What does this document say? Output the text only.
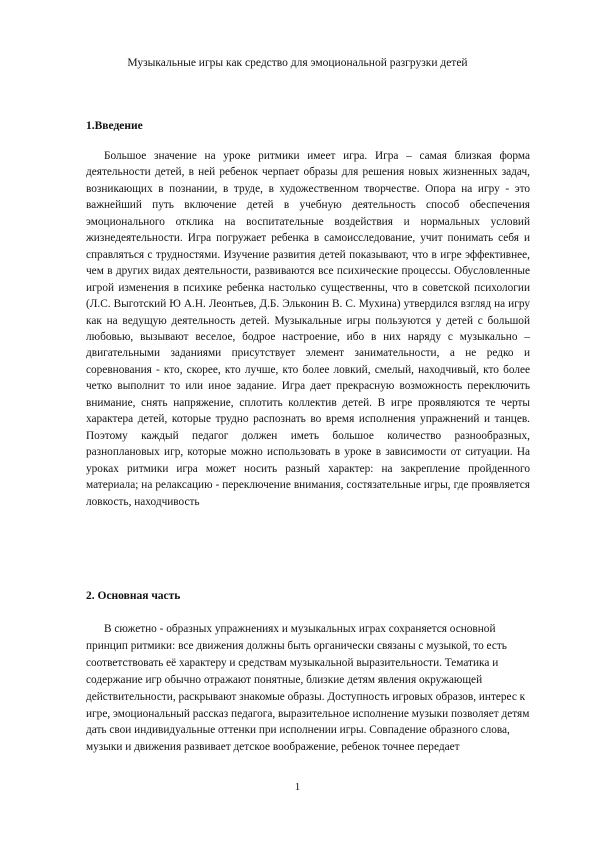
Музыкальные игры как средство для эмоциональной разгрузки детей
1.Введение

Большое значение на уроке ритмики имеет игра. Игра – самая близкая форма деятельности детей, в ней ребенок черпает образы для решения новых жизненных задач, возникающих в познании, в труде, в художественном творчестве. Опора на игру - это важнейший путь включение детей в учебную деятельность способ обеспечения эмоционального отклика на воспитательные воздействия и нормальных условий жизнедеятельности. Игра погружает ребенка в самоисследование, учит понимать себя и справляться с трудностями. Изучение развития детей показывают, что в игре эффективнее, чем в других видах деятельности, развиваются все психические процессы. Обусловленные игрой изменения в психике ребенка настолько существенны, что в советской психологии (Л.С. Выготский Ю А.Н. Леонтьев, Д.Б. Эльконин В. С. Мухина) утвердился взгляд на игру как на ведущую деятельность детей. Музыкальные игры пользуются у детей с большой любовью, вызывают веселое, бодрое настроение, ибо в них наряду с музыкально – двигательными заданиями присутствует элемент занимательности, а не редко и соревнования - кто, скорее, кто лучше, кто более ловкий, смелый, находчивый, кто более четко выполнит то или иное задание. Игра дает прекрасную возможность переключить внимание, снять напряжение, сплотить коллектив детей. В игре проявляются те черты характера детей, которые трудно распознать во время исполнения упражнений и танцев. Поэтому каждый педагог должен иметь большое количество разнообразных, разноплановых игр, которые можно использовать в уроке в зависимости от ситуации. На уроках ритмики игра может носить разный характер: на закрепление пройденного материала; на релаксацию - переключение внимания, состязательные игры, где проявляется ловкость, находчивость

2. Основная часть

В сюжетно - образных упражнениях и музыкальных играх сохраняется основной принцип ритмики: все движения должны быть органически связаны с музыкой, то есть соответствовать её характеру и средствам музыкальной выразительности. Тематика и содержание игр обычно отражают понятные, близкие детям явления окружающей действительности, раскрывают знакомые образы. Доступность игровых образов, интерес к игре, эмоциональный рассказ педагога, выразительное исполнение музыки позволяет детям дать свои индивидуальные оттенки при исполнении игры. Совпадение образного слова, музыки и движения развивает детское воображение, ребенок точнее передает

1
